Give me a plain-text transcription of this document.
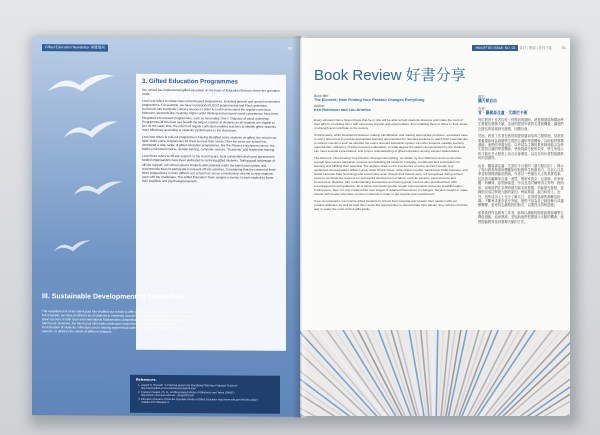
Gifted Education Newsletter 資優通訊	30

3. Gifted Education Programmes

Our school has implemented gifted education on the basis of Education Bureau's three-tier operation mode.

Level one refers to whole-class school-based programmes, including generic and special enrichment programmes. For example, we have incorporated LEGO programming and Flash animation curriculum into Computer Literacy lessons in order to enrich and extend the regular curriculum. Moreover, elements like creativity, higher-order thinking and personal-social competence have been integrated into relevant programmes, such as Secondary One's "Odyssey of mind" workshop. Programmes of this level can benefit the largest number of students as all students are eligible to join. At the same time, the reform of regular curriculum enables teachers to identify gifted students more effectively according to students' performance in the classroom.

Level two refers to pull-out programmes. Having identified some students as gifted, the school can tailor-make some programmes for them to meet their needs. Over the years our school has developed a wide range of gifted education programmes, like the Physics enrichment course, the Maths enrichment course, debate training, computer courses, "Academy" and leadership training.

Level three refers to off-site support. In the recent years, local universities and many government-funded organisations have been dedicated to nurturing gifted students. Taking good advantage of off-site support, our school selects students with potential under the talent pool system and recommends them to participate in relevant off-site activities. Considering that the content of level-three programmes is more difficult, our school has set up a mentorship scheme to help students cope with the challenges. The Gifted Education Team assigns a mentor to each student to foster their cognitive and psychological growth.

III. Sustainable Development of Talent Pool

The establishment of the talent pool has enabled our school to offer proper training to students with potential. For example, we have enrolled a lot of students in university courses. In addition, our students have achieved great success in both local and international Mathematics competitions, showing the effectiveness of the talent pool. However, the talent pool still needs continuous improvement and adjustment, such as incorporation of students' reflections and a training system that caters to students' development in various aspects, to address the needs of different students.

References:
1. Joseph S. Renzulli, "A Practical System for Identifying Gifted and Talented Students" http://www.gifted.uconn.edu/sem/semart04.html
2. Françoys Gagné, Ph. D., A Differentiated Model of Giftedness and Talent (DMGT) http://www.curriculum.edu.au/.../dmgt2008.pdf
3. Education Bureau's Three-tier Operation Mode of Gifted Education http://www.edb.gov.hk/index.aspx?nodeID=2377&langno=1
HKGIFTED ISSUE NO. 02 書評 | 閱讀 | 尋找才能 31
Book Review 好書分享
Book title:
The Element: How Finding Your Passion Changes Everything
Author:
Ken Robinson and Lou Aronica
書名：
讓天賦自由
作者：
肯‧羅賓森及盧‧艾諾尼卡著

Every educator has a fervent hope that he or she will be able to help students discover and make the most of their gifts by providing them with necessary support and opportunities, thus enabling them to shine in their areas of strength and contribute to the society.

Unfortunately, while bewildered between making identification and making appropriate provision, educators have to worry about how to provide appropriate learning opportunities for talented students to reach their potential due to various concerns such as whether the exam-oriented education system can offer students suitable learning opportunities, efficiency of school resource allocation, to what degree the talents demonstrated by the students can meet societal expectations, and proper understanding of gifted education among various stakeholders.

The Element: How Finding Your Passion Changes Everything, co-written by Ken Robinson and Lou Aronica, reveals how current education systems and labelling kill students' creativity, confidence and enthusiasm for learning and fulfilling their potential. The authors draw on the true stories of some eminent people (e.g. acclaimed choreographer Gillian Lynne, artist Chuck Close, writer Paulo Coelho, hairdresser Vidal Sassoon, and Nobel Laureate Matt Groening) who could shine even though their talents were not recognised during school years to conclude the reasons for successful development of talent, such as passion, perseverance and involvement. Besides, fully understanding themselves and having great mentors who provided them with encouragement and guidance, all of these successful people sought improvements and even breakthroughs. Furthermore, they not only created their own stages or adapted themselves to changes, but also sought to make friends with people who have common interests in order to get support and nourishment.

If we, as educators, can inspire gifted students to unlock their potential and answer their passion with our positive attitudes, as well as help them seize the opportunities to demonstrate their talents, they will then find the way to make the most of their gifts easily.

每位教育工作者均有一份熱切的期盼，就是期望能夠幫助學生發掘及發揮天賦，為他們提供所需的支援和機會，讓他們在擅長的領域發光發熱，回饋社會。

然而，教育工作者在甄別和提供適切培育之間徘徊，常常需要憂慮如何為資優學生提供合適的學習機會，以助他們發揮潛能。他們的考慮包括：以考試為主導的教育制度能否為學生提供合適的學習機會、學校資源分配的效率、學生所展示的才能在多大程度上切合社會期望，以及各持份者對資優教育的認識等。

由肯‧羅賓森及盧‧艾諾尼卡合著的《讓天賦自由》，揭示了現行教育制度和標籤如何扼殺學生的創造力、自信心以及學習和發揮潛能的熱誠。作者以一些傑出人士的真實故事，包括著名編舞家吉蓮‧連恩、藝術家查克‧克洛斯、作家保羅‧科爾賀、髮型師維達‧沙宣及諾貝爾獎得主麥特‧格朗寧，說明他們在求學時期天賦未被發掘，仍能發光發熱，並歸納出成功發展天賦的原因，例如熱誠、毅力和投入。此外，這些成功人士充分了解自己，並得到良師的鼓勵及指導，不斷尋求進步甚至突破。他們不但為自己創造舞台或適應轉變，更尋找志趣相投的朋友，以獲得支持和滋養。

如果我們作為教育工作者，能夠以積極的態度啟發資優學生釋放潛能、追尋熱誠，並協助他們把握展示天賦的機會，他們便能輕易找到發揮天賦的方法。
